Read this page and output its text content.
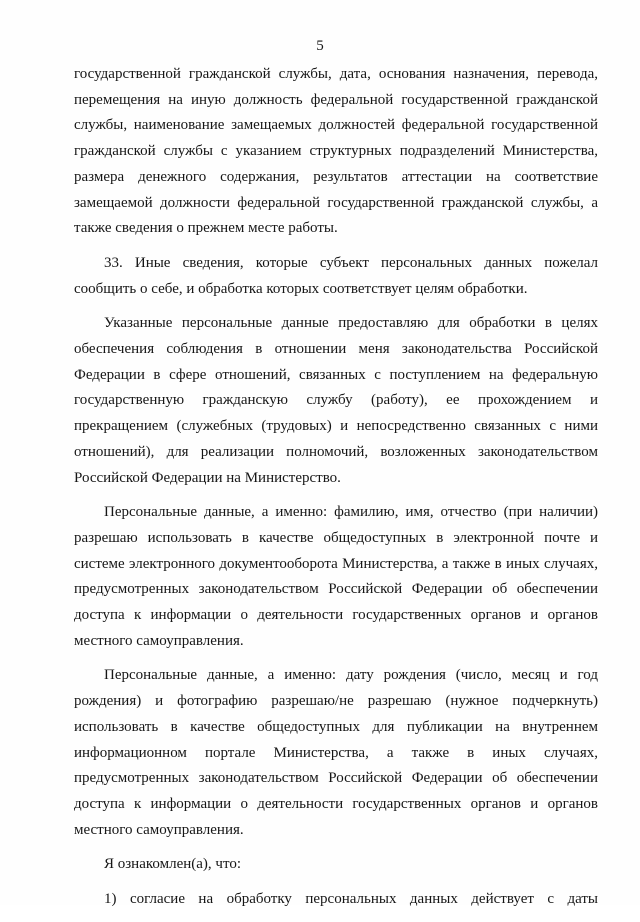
5

государственной гражданской службы, дата, основания назначения, перевода, перемещения на иную должность федеральной государственной гражданской службы, наименование замещаемых должностей федеральной государственной гражданской службы с указанием структурных подразделений Министерства, размера денежного содержания, результатов аттестации на соответствие замещаемой должности федеральной государственной гражданской службы, а также сведения о прежнем месте работы.

33. Иные сведения, которые субъект персональных данных пожелал сообщить о себе, и обработка которых соответствует целям обработки.

Указанные персональные данные предоставляю для обработки в целях обеспечения соблюдения в отношении меня законодательства Российской Федерации в сфере отношений, связанных с поступлением на федеральную государственную гражданскую службу (работу), ее прохождением и прекращением (служебных (трудовых) и непосредственно связанных с ними отношений), для реализации полномочий, возложенных законодательством Российской Федерации на Министерство.

Персональные данные, а именно: фамилию, имя, отчество (при наличии) разрешаю использовать в качестве общедоступных в электронной почте и системе электронного документооборота Министерства, а также в иных случаях, предусмотренных законодательством Российской Федерации об обеспечении доступа к информации о деятельности государственных органов и органов местного самоуправления.

Персональные данные, а именно: дату рождения (число, месяц и год рождения) и фотографию разрешаю/не разрешаю (нужное подчеркнуть) использовать в качестве общедоступных для публикации на внутреннем информационном портале Министерства, а также в иных случаях, предусмотренных законодательством Российской Федерации об обеспечении доступа к информации о деятельности государственных органов и органов местного самоуправления.

Я ознакомлен(а), что:

1) согласие на обработку персональных данных действует с даты
